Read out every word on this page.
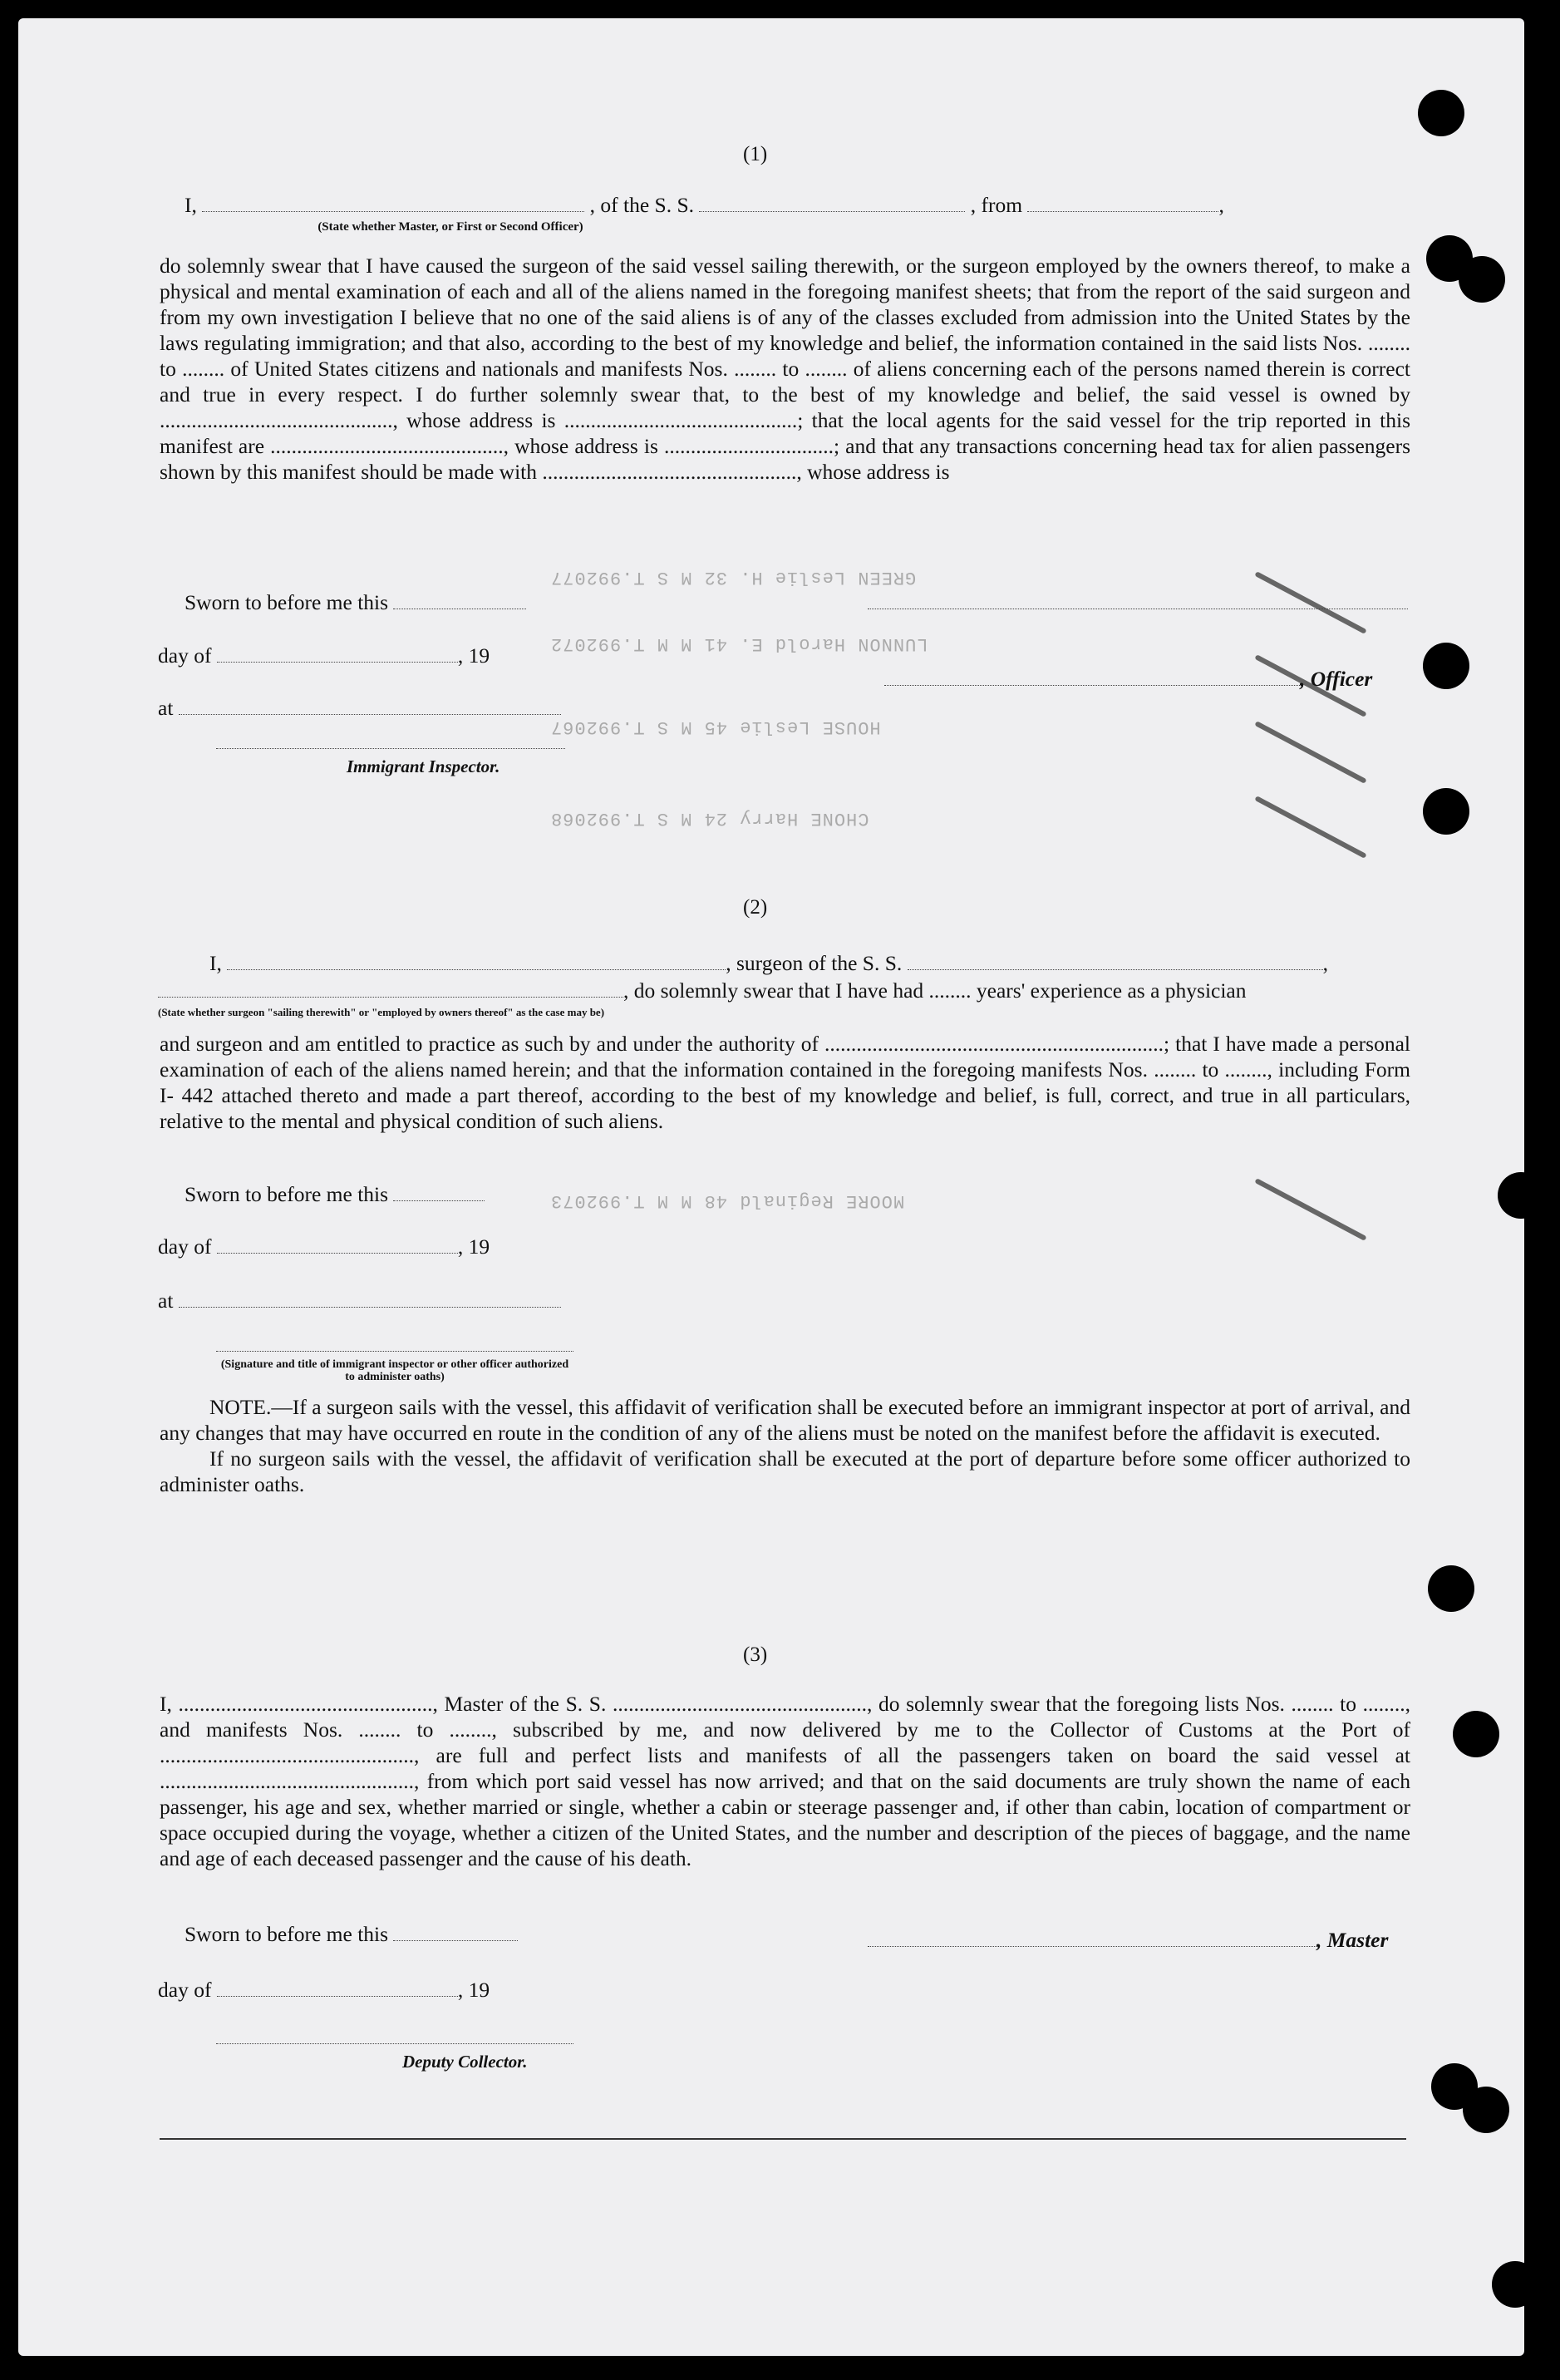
GREEN Leslie H. 32 M S T.992077
LUNNON Harold E. 41 M M T.992072
HOUSE Leslie 45 M S T.992067
CHONE Harry 24 M S T.992068
MOORE Reginald 48 M M T.992073
(1)
I,	, of the S. S.	, from	,
(State whether Master, or First or Second Officer)

do solemnly swear that I have caused the surgeon of the said vessel sailing therewith, or the surgeon employed by the owners thereof, to make a physical and mental examination of each and all of the aliens named in the foregoing manifest sheets; that from the report of the said surgeon and from my own investigation I believe that no one of the said aliens is of any of the classes excluded from admission into the United States by the laws regulating immigration; and that also, according to the best of my knowledge and belief, the information contained in the said lists Nos. ........ to ........ of United States citizens and nationals and manifests Nos. ........ to ........ of aliens concerning each of the persons named therein is correct and true in every respect. I do further solemnly swear that, to the best of my knowledge and belief, the said vessel is owned by ............................................, whose address is ............................................; that the local agents for the said vessel for the trip reported in this manifest are ............................................, whose address is ................................; and that any transactions concerning head tax for alien passengers shown by this manifest should be made with ................................................, whose address is

Sworn to before me this
day of	, 19
at
, Officer
Immigrant Inspector.
(2)
I,	, surgeon of the S. S.	,
, do solemnly swear that I have had ........ years' experience as a physician
(State whether surgeon "sailing therewith" or "employed by owners thereof" as the case may be)

and surgeon and am entitled to practice as such by and under the authority of ................................................................; that I have made a personal examination of each of the aliens named herein; and that the information contained in the foregoing manifests Nos. ........ to ........, including Form I- 442 attached thereto and made a part thereof, according to the best of my knowledge and belief, is full, correct, and true in all particulars, relative to the mental and physical condition of such aliens.

Sworn to before me this
day of	, 19
at
(Signature and title of immigrant inspector or other officer authorized to administer oaths)

NOTE.—If a surgeon sails with the vessel, this affidavit of verification shall be executed before an immigrant inspector at port of arrival, and any changes that may have occurred en route in the condition of any of the aliens must be noted on the manifest before the affidavit is executed.

If no surgeon sails with the vessel, the affidavit of verification shall be executed at the port of departure before some officer authorized to administer oaths.

(3)

I, ................................................, Master of the S. S. ................................................, do solemnly swear that the foregoing lists Nos. ........ to ........, and manifests Nos. ........ to ........, subscribed by me, and now delivered by me to the Collector of Customs at the Port of ................................................, are full and perfect lists and manifests of all the passengers taken on board the said vessel at ................................................, from which port said vessel has now arrived; and that on the said documents are truly shown the name of each passenger, his age and sex, whether married or single, whether a cabin or steerage passenger and, if other than cabin, location of compartment or space occupied during the voyage, whether a citizen of the United States, and the number and description of the pieces of baggage, and the name and age of each deceased passenger and the cause of his death.

Sworn to before me this	, Master
day of	, 19
Deputy Collector.
